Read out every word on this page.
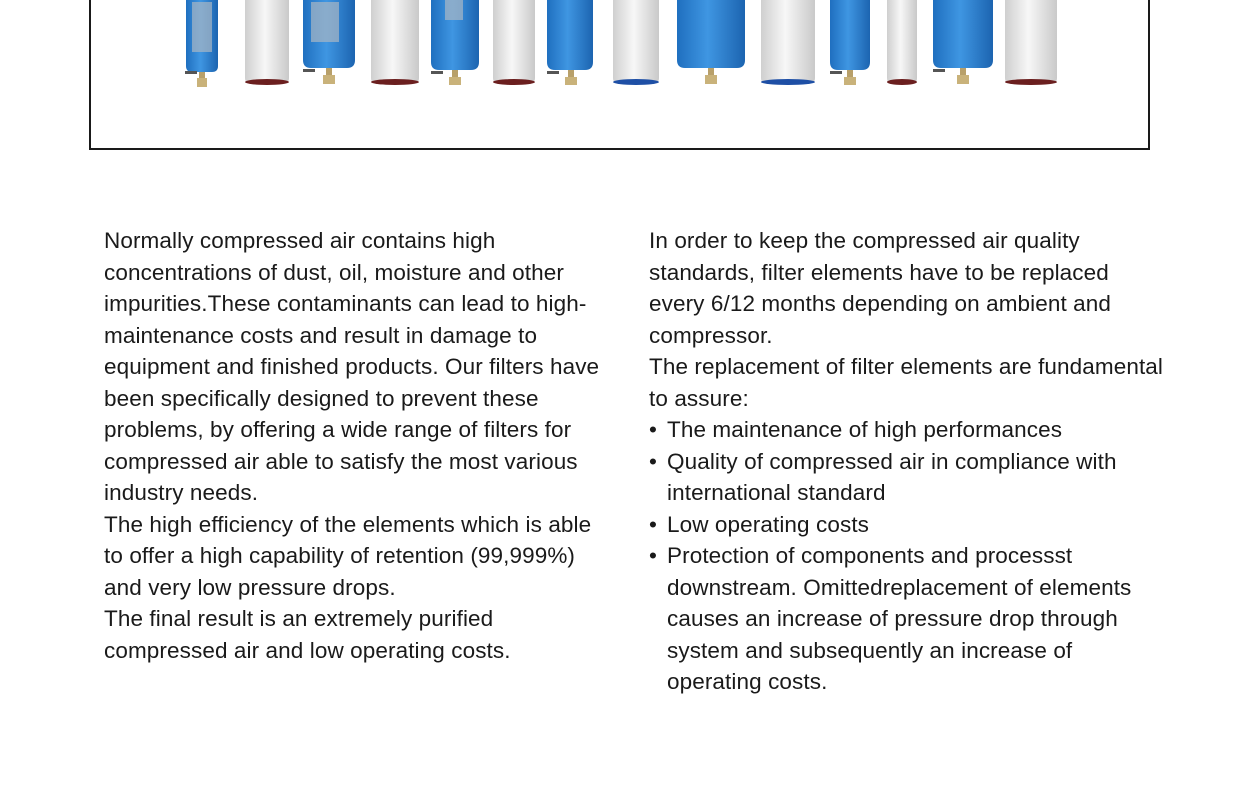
Normally compressed air contains high concentrations of dust, oil, moisture and other impurities.These contaminants can lead to high-maintenance costs and result in damage to equipment and finished products. Our filters have been specifically designed to prevent these problems, by offering a wide range of filters for compressed air able to satisfy the most various industry needs.

The high efficiency of the elements which is able to offer a high capability of retention (99,999%) and very low pressure drops.

The final result is an extremely purified compressed air and low operating costs.

In order to keep the compressed air quality standards, filter elements have to be replaced every 6/12 months depending on ambient and compressor.

The replacement of filter elements are fundamental to assure:

• The maintenance of high performances
• Quality of compressed air in compliance with international standard
• Low operating costs
• Protection of components and processst downstream. Omittedreplacement of elements causes an increase of pressure drop through system and subsequently an increase of operating costs.
